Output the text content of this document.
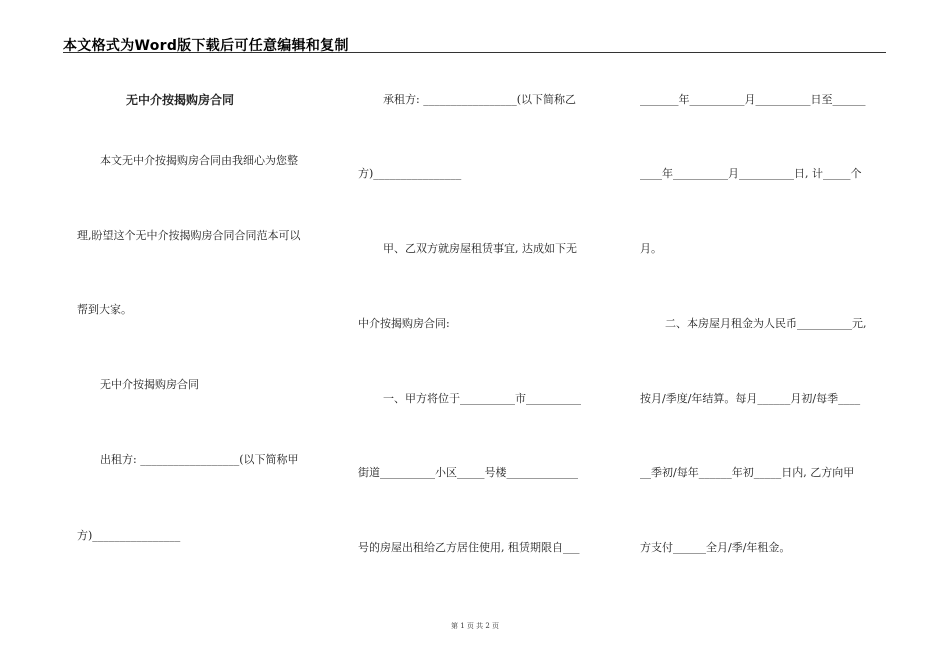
本文格式为Word版下载后可任意编辑和复制
无中介按揭购房合同
本文无中介按揭购房合同由我细心为您整
理,盼望这个无中介按揭购房合同合同范本可以
帮到大家。
无中介按揭购房合同
出租方: __________________(以下简称甲
方)________________
承租方: _________________(以下简称乙
方)________________
甲、乙双方就房屋租赁事宜, 达成如下无
中介按揭购房合同:
一、甲方将位于__________市__________
街道__________小区_____号楼_____________
号的房屋出租给乙方居住使用, 租赁期限自___
_______年__________月__________日至______
____年__________月__________日, 计_____个
月。
二、本房屋月租金为人民币__________元,
按月/季度/年结算。每月______月初/每季____
__季初/每年______年初_____日内, 乙方向甲
方支付______全月/季/年租金。
第 1 页 共 2 页
